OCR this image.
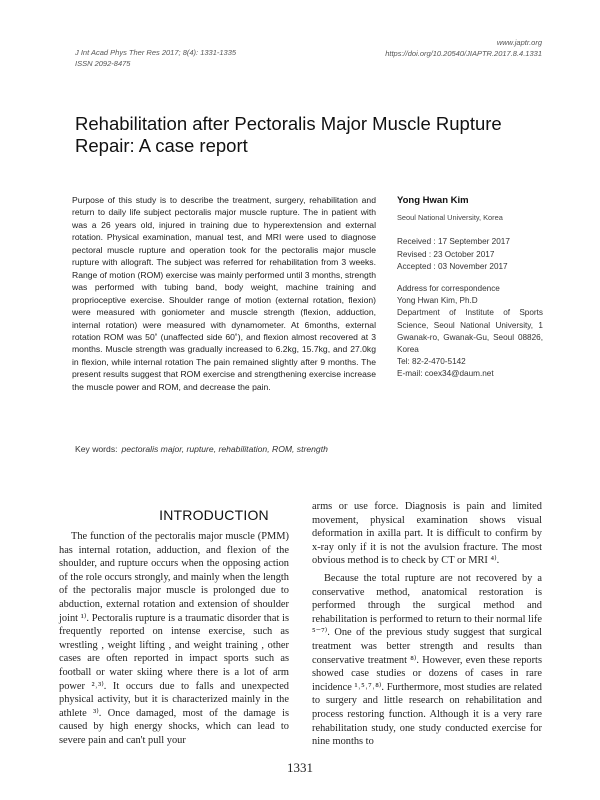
J Int Acad Phys Ther Res 2017; 8(4): 1331-1335
ISSN 2092-8475
www.japtr.org
https://doi.org/10.20540/JIAPTR.2017.8.4.1331
Rehabilitation after Pectoralis Major Muscle Rupture Repair: A case report
Purpose of this study is to describe the treatment, surgery, rehabilitation and return to daily life subject pectoralis major muscle rupture. The in patient with was a 26 years old, injured in training due to hyperextension and external rotation. Physical examination, manual test, and MRI were used to diagnose pectoral muscle rupture and operation took for the pectoralis major muscle rupture with allograft. The subject was referred for rehabilitation from 3 weeks. Range of motion (ROM) exercise was mainly performed until 3 months, strength was performed with tubing band, body weight, machine training and proprioceptive exercise. Shoulder range of motion (external rotation, flexion) were measured with goniometer and muscle strength (flexion, adduction, internal rotation) were measured with dynamometer. At 6months, external rotation ROM was 50˚ (unaffected side 60˚), and flexion almost recovered at 3 months. Muscle strength was gradually increased to 6.2kg, 15.7kg, and 27.0kg in flexion, while internal rotation The pain remained slightly after 9 months. The present results suggest that ROM exercise and strengthening exercise increase the muscle power and ROM, and decrease the pain.
Yong Hwan Kim
Seoul National University, Korea
Received : 17 September 2017
Revised : 23 October 2017
Accepted : 03 November 2017
Address for correspondence
Yong Hwan Kim, Ph.D
Department of Institute of Sports Science, Seoul National University, 1 Gwanak-ro, Gwanak-Gu, Seoul 08826, Korea
Tel: 82-2-470-5142
E-mail: coex34@daum.net
Key words: pectoralis major, rupture, rehabilitation, ROM, strength
INTRODUCTION

The function of the pectoralis major muscle (PMM) has internal rotation, adduction, and flexion of the shoulder, and rupture occurs when the opposing action of the role occurs strongly, and mainly when the length of the pectoralis major muscle is prolonged due to abduction, external rotation and extension of shoulder joint ¹⁾. Pectoralis rupture is a traumatic disorder that is frequently reported on intense exercise, such as wrestling , weight lifting , and weight training , other cases are often reported in impact sports such as football or water skiing where there is a lot of arm power ²˒³⁾. It occurs due to falls and unexpected physical activity, but it is characterized mainly in the athlete ³⁾. Once damaged, most of the damage is caused by high energy shocks, which can lead to severe pain and can't pull your

arms or use force. Diagnosis is pain and limited movement, physical examination shows visual deformation in axilla part. It is difficult to confirm by x-ray only if it is not the avulsion fracture. The most obvious method is to check by CT or MRI ⁴⁾.

Because the total rupture are not recovered by a conservative method, anatomical restoration is performed through the surgical method and rehabilitation is performed to return to their normal life ⁵⁻⁷⁾. One of the previous study suggest that surgical treatment was better strength and results than conservative treatment ⁸⁾. However, even these reports showed case studies or dozens of cases in rare incidence ¹˒⁵˒⁷˒⁸⁾. Furthermore, most studies are related to surgery and little research on rehabilitation and process restoring function. Although it is a very rare rehabilitation study, one study conducted exercise for nine months to

1331
